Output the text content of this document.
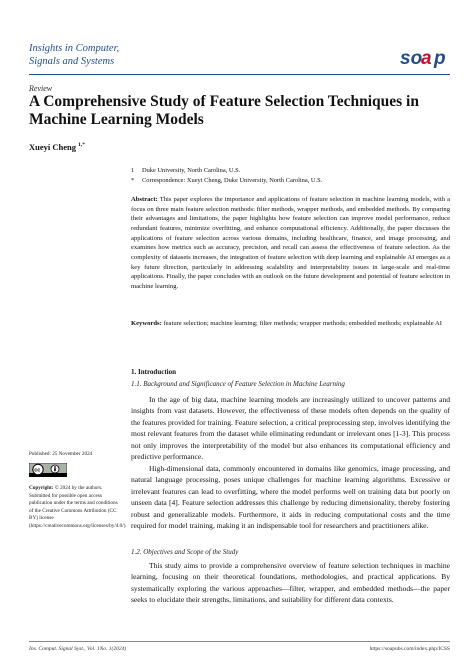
Insights in Computer,
Signals and Systems	so
a p
Review
A Comprehensive Study of Feature Selection Techniques in Machine Learning Models
Xueyi Cheng $^{1,*}$
1	Duke University, North Carolina, U.S.
*	Correspondence: Xueyi Cheng, Duke University, North Carolina, U.S.
Abstract: This paper explores the importance and applications of feature selection in machine learning models, with a focus on three main feature selection methods: filter methods, wrapper methods, and embedded methods. By comparing their advantages and limitations, the paper highlights how feature selection can improve model performance, reduce redundant features, minimize overfitting, and enhance computational efficiency. Additionally, the paper discusses the applications of feature selection across various domains, including healthcare, finance, and image processing, and examines how metrics such as accuracy, precision, and recall can assess the effectiveness of feature selection. As the complexity of datasets increases, the integration of feature selection with deep learning and explainable AI emerges as a key future direction, particularly in addressing scalability and interpretability issues in large-scale and real-time applications. Finally, the paper concludes with an outlook on the future development and potential of feature selection in machine learning.
Keywords: feature selection; machine learning; filter methods; wrapper methods; embedded methods; explainable AI
1. Introduction
1.1. Background and Significance of Feature Selection in Machine Learning

In the age of big data, machine learning models are increasingly utilized to uncover patterns and insights from vast datasets. However, the effectiveness of these models often depends on the quality of the features provided for training. Feature selection, a critical preprocessing step, involves identifying the most relevant features from the dataset while eliminating redundant or irrelevant ones [1-3]. This process not only improves the interpretability of the model but also enhances its computational efficiency and predictive performance.

High-dimensional data, commonly encountered in domains like genomics, image processing, and natural language processing, poses unique challenges for machine learning algorithms. Excessive or irrelevant features can lead to overfitting, where the model performs well on training data but poorly on unseen data [4]. Feature selection addresses this challenge by reducing dimensionality, thereby fostering robust and generalizable models. Furthermore, it aids in reducing computational costs and the time required for model training, making it an indispensable tool for researchers and practitioners alike.

1.2. Objectives and Scope of the Study

This study aims to provide a comprehensive overview of feature selection techniques in machine learning, focusing on their theoretical foundations, methodologies, and practical applications. By systematically exploring the various approaches—filter, wrapper, and embedded methods—the paper seeks to elucidate their strengths, limitations, and suitability for different data contexts.

Published: 25 November 2024
cc
Copyright: © 2024 by the authors. Submitted for possible open access publication under the terms and conditions of the Creative Commons Attribution (CC BY) license (https://creativecommons.org/licenses/by/4.0/).
Ins. Comput. Signal Syst., Vol. 1No. 1(2024)	https://soapubs.com/index.php/ICSS
